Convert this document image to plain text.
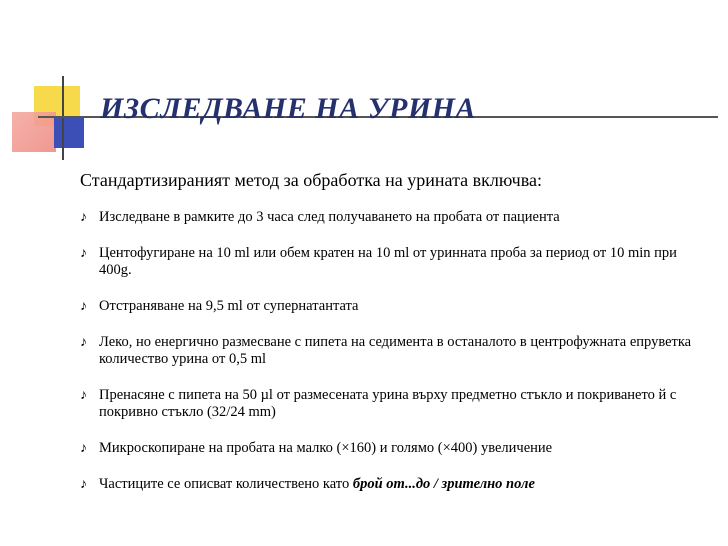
ИЗСЛЕДВАНЕ НА УРИНА
Стандартизираният метод за обработка на урината включва:
♪ Изследване в рамките до 3 часа след получаването на пробата от пациента
♪ Центофугиране на 10 ml или обем кратен на 10 ml от уринната проба за период от 10 min при 400g.
♪ Отстраняване на 9,5 ml от супернатантата
♪ Леко, но енергично размесване с пипета на седимента в останалото в центрофужната епруветка количество урина от 0,5 ml
♪ Пренасяне с пипета на 50 µl от размесената урина върху предметно стъкло и покриването й с покривно стъкло (32/24 mm)
♪ Микроскопиране на пробата на малко (×160) и голямо (×400) увеличение
♪ Частиците се описват количествено като брой от...до / зрително поле
